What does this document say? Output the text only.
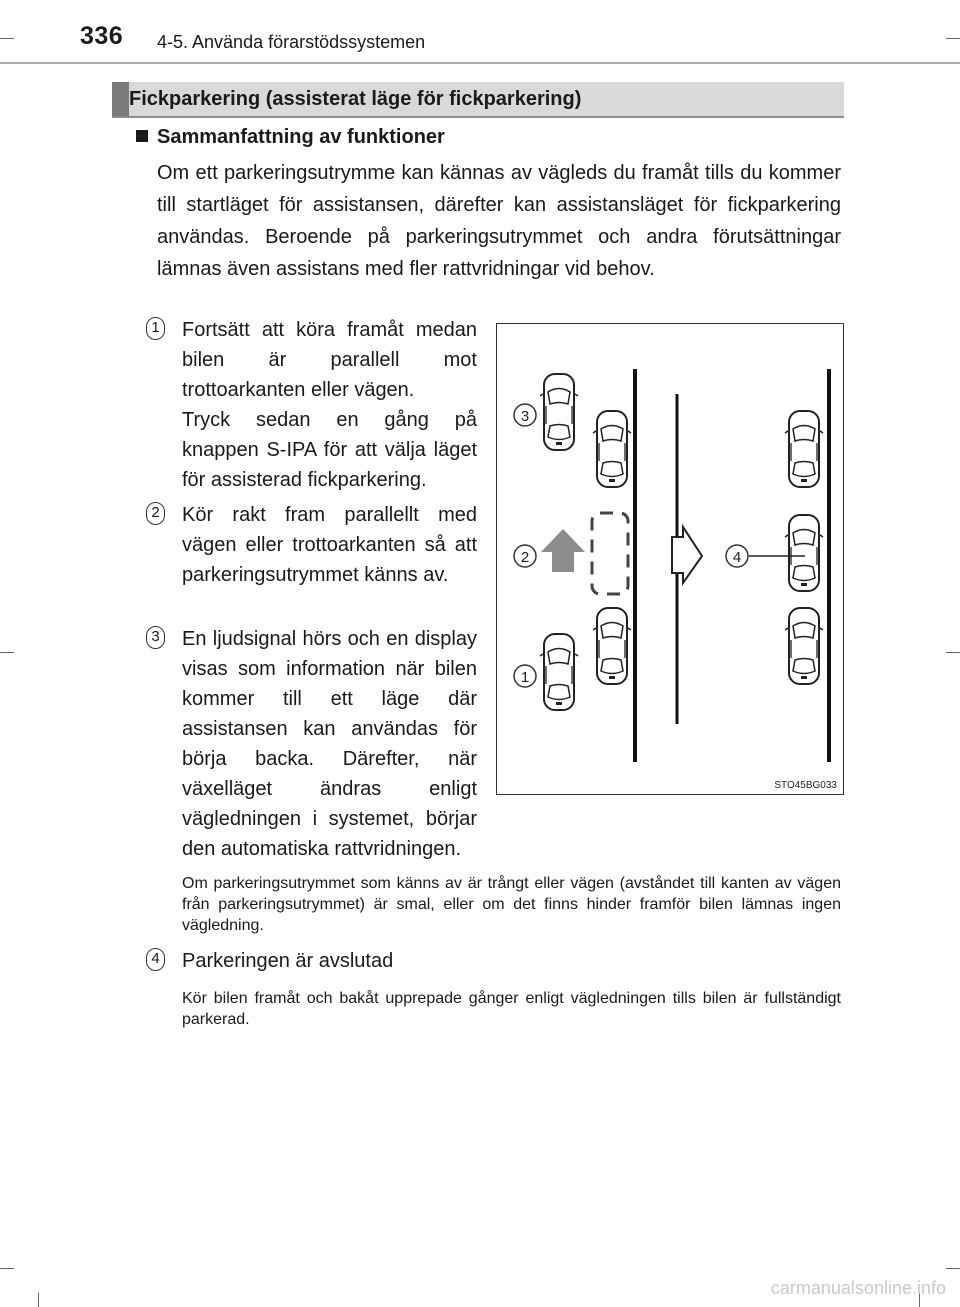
336 4-5. Använda förarstödssystemen
Fickparkering (assisterat läge för fickparkering)
Sammanfattning av funktioner

Om ett parkeringsutrymme kan kännas av vägleds du framåt tills du kommer till startläget för assistansen, därefter kan assistansläget för fickparkering användas. Beroende på parkeringsutrymmet och andra förutsättningar lämnas även assistans med fler rattvridningar vid behov.

1 Fortsätt att köra framåt medan bilen är parallell mot trottoarkanten eller vägen.

Tryck sedan en gång på knappen S-IPA för att välja läget för assisterad fickparkering.

2 Kör rakt fram parallellt med vägen eller trottoarkanten så att parkeringsutrymmet känns av.

3 En ljudsignal hörs och en display visas som information när bilen kommer till ett läge där assistansen kan användas för börja backa. Därefter, när växelläget ändras enligt vägledningen i systemet, börjar den automatiska rattvridningen.

Om parkeringsutrymmet som känns av är trångt eller vägen (avståndet till kanten av vägen från parkeringsutrymmet) är smal, eller om det finns hinder framför bilen lämnas ingen vägledning.

4 Parkeringen är avslutad

Kör bilen framåt och bakåt upprepade gånger enligt vägledningen tills bilen är fullständigt parkerad.

3
2
1
4
STO45BG033
carmanualsonline.info
